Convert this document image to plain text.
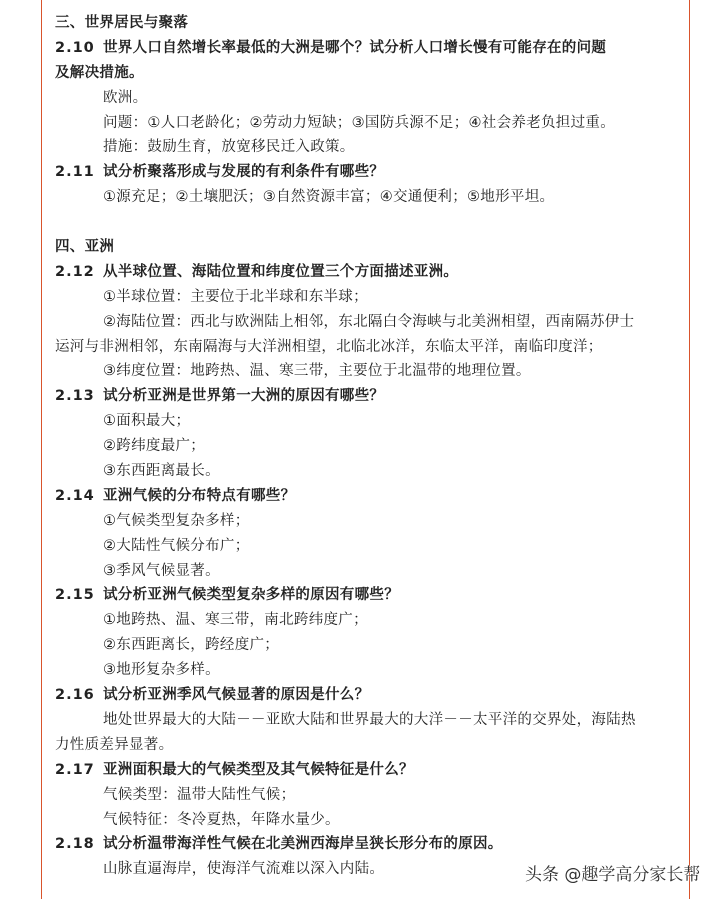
三、世界居民与聚落
2.10 世界人口自然增长率最低的大洲是哪个？试分析人口增长慢有可能存在的问题
及解决措施。
欧洲。
问题：①人口老龄化；②劳动力短缺；③国防兵源不足；④社会养老负担过重。
措施：鼓励生育，放宽移民迁入政策。
2.11 试分析聚落形成与发展的有利条件有哪些？
①源充足；②土壤肥沃；③自然资源丰富；④交通便利；⑤地形平坦。
四、亚洲
2.12 从半球位置、海陆位置和纬度位置三个方面描述亚洲。
①半球位置：主要位于北半球和东半球；
②海陆位置：西北与欧洲陆上相邻，东北隔白令海峡与北美洲相望，西南隔苏伊士
运河与非洲相邻，东南隔海与大洋洲相望，北临北冰洋，东临太平洋，南临印度洋；
③纬度位置：地跨热、温、寒三带，主要位于北温带的地理位置。
2.13 试分析亚洲是世界第一大洲的原因有哪些？
①面积最大；
②跨纬度最广；
③东西距离最长。
2.14 亚洲气候的分布特点有哪些？
①气候类型复杂多样；
②大陆性气候分布广；
③季风气候显著。
2.15 试分析亚洲气候类型复杂多样的原因有哪些？
①地跨热、温、寒三带，南北跨纬度广；
②东西距离长，跨经度广；
③地形复杂多样。
2.16 试分析亚洲季风气候显著的原因是什么？
地处世界最大的大陆－－亚欧大陆和世界最大的大洋－－太平洋的交界处，海陆热
力性质差异显著。
2.17 亚洲面积最大的气候类型及其气候特征是什么？
气候类型：温带大陆性气候；
气候特征：冬冷夏热，年降水量少。
2.18 试分析温带海洋性气候在北美洲西海岸呈狭长形分布的原因。
山脉直逼海岸，使海洋气流难以深入内陆。	头条 @趣学高分家长帮
